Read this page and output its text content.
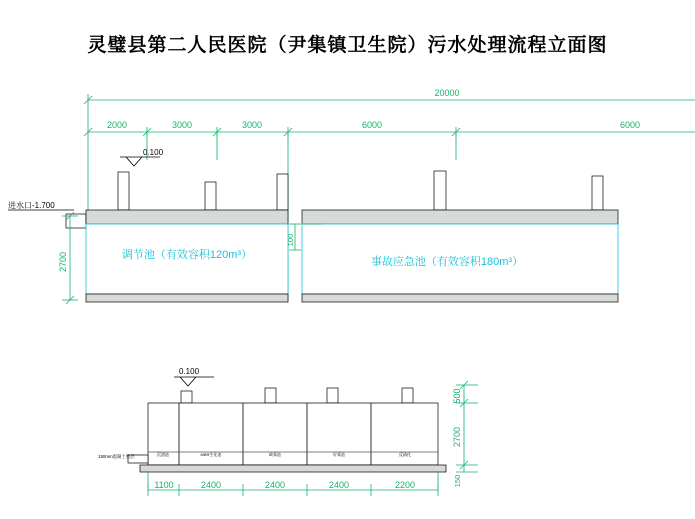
灵璧县第二人民医院（尹集镇卫生院）污水处理流程立面图
20000
2000	3000	3000	6000	6000
0.100
进水口-1.700
调节池（有效容积120m³）
事故应急池（有效容积180m³）
2700
100
0.100
150mm混凝土垫层	沉渣池	MBR生化池	缺氧池	好氧池	反硝化
500
2700
150
1100	2400	2400	2400	2200
